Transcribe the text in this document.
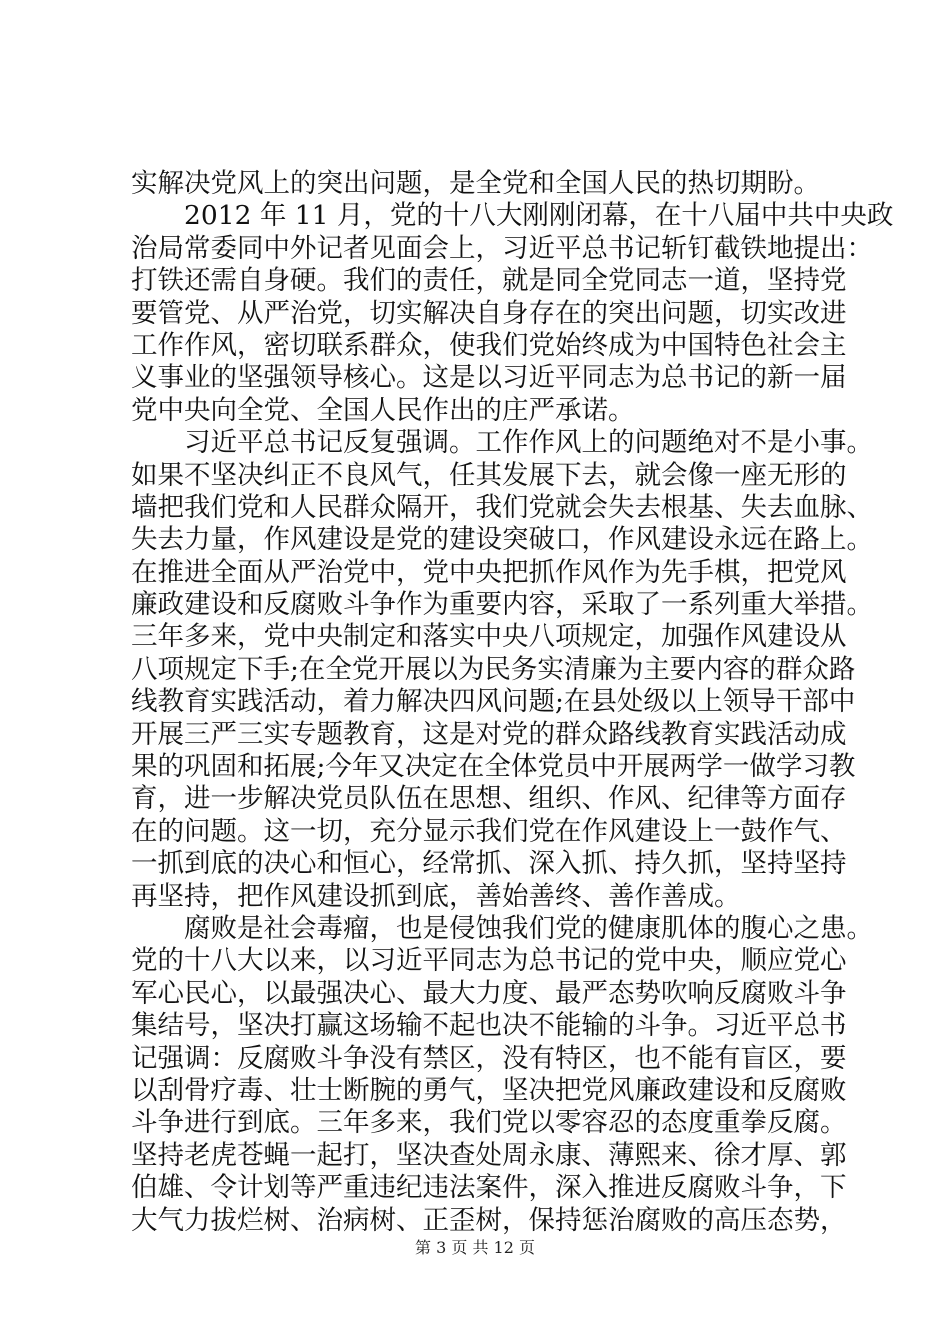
实解决党风上的突出问题，是全党和全国人民的热切期盼。
2012 年 11 月，党的十八大刚刚闭幕，在十八届中共中央政
治局常委同中外记者见面会上，习近平总书记斩钉截铁地提出：
打铁还需自身硬。我们的责任，就是同全党同志一道，坚持党
要管党、从严治党，切实解决自身存在的突出问题，切实改进
工作作风，密切联系群众，使我们党始终成为中国特色社会主
义事业的坚强领导核心。这是以习近平同志为总书记的新一届
党中央向全党、全国人民作出的庄严承诺。
习近平总书记反复强调。工作作风上的问题绝对不是小事。
如果不坚决纠正不良风气，任其发展下去，就会像一座无形的
墙把我们党和人民群众隔开，我们党就会失去根基、失去血脉、
失去力量，作风建设是党的建设突破口，作风建设永远在路上。
在推进全面从严治党中，党中央把抓作风作为先手棋，把党风
廉政建设和反腐败斗争作为重要内容，采取了一系列重大举措。
三年多来，党中央制定和落实中央八项规定，加强作风建设从
八项规定下手;在全党开展以为民务实清廉为主要内容的群众路
线教育实践活动，着力解决四风问题;在县处级以上领导干部中
开展三严三实专题教育，这是对党的群众路线教育实践活动成
果的巩固和拓展;今年又决定在全体党员中开展两学一做学习教
育，进一步解决党员队伍在思想、组织、作风、纪律等方面存
在的问题。这一切，充分显示我们党在作风建设上一鼓作气、
一抓到底的决心和恒心，经常抓、深入抓、持久抓，坚持坚持
再坚持，把作风建设抓到底，善始善终、善作善成。
腐败是社会毒瘤，也是侵蚀我们党的健康肌体的腹心之患。
党的十八大以来，以习近平同志为总书记的党中央，顺应党心
军心民心，以最强决心、最大力度、最严态势吹响反腐败斗争
集结号，坚决打赢这场输不起也决不能输的斗争。习近平总书
记强调：反腐败斗争没有禁区，没有特区，也不能有盲区，要
以刮骨疗毒、壮士断腕的勇气，坚决把党风廉政建设和反腐败
斗争进行到底。三年多来，我们党以零容忍的态度重拳反腐。
坚持老虎苍蝇一起打，坚决查处周永康、薄熙来、徐才厚、郭
伯雄、令计划等严重违纪违法案件，深入推进反腐败斗争，下
大气力拔烂树、治病树、正歪树，保持惩治腐败的高压态势，
第 3 页 共 12 页
